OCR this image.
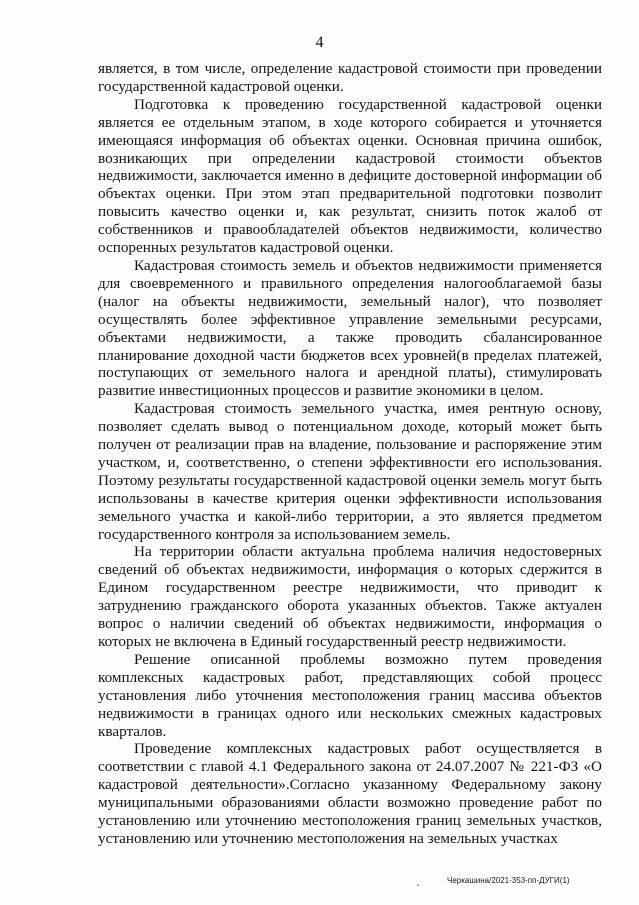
4

является, в том числе, определение кадастровой стоимости при проведении государственной кадастровой оценки.

Подготовка к проведению государственной кадастровой оценки является ее отдельным этапом, в ходе которого собирается и уточняется имеющаяся информация об объектах оценки. Основная причина ошибок, возникающих при определении кадастровой стоимости объектов недвижимости, заключается именно в дефиците достоверной информации об объектах оценки. При этом этап предварительной подготовки позволит повысить качество оценки и, как результат, снизить поток жалоб от собственников и правообладателей объектов недвижимости, количество оспоренных результатов кадастровой оценки.

Кадастровая стоимость земель и объектов недвижимости применяется для своевременного и правильного определения налогооблагаемой базы (налог на объекты недвижимости, земельный налог), что позволяет осуществлять более эффективное управление земельными ресурсами, объектами недвижимости, а также проводить сбалансированное планирование доходной части бюджетов всех уровней(в пределах платежей, поступающих от земельного налога и арендной платы), стимулировать развитие инвестиционных процессов и развитие экономики в целом.

Кадастровая стоимость земельного участка, имея рентную основу, позволяет сделать вывод о потенциальном доходе, который может быть получен от реализации прав на владение, пользование и распоряжение этим участком, и, соответственно, о степени эффективности его использования. Поэтому результаты государственной кадастровой оценки земель могут быть использованы в качестве критерия оценки эффективности использования земельного участка и какой-либо территории, а это является предметом государственного контроля за использованием земель.

На территории области актуальна проблема наличия недостоверных сведений об объектах недвижимости, информация о которых сдержится в Едином государственном реестре недвижимости, что приводит к затруднению гражданского оборота указанных объектов. Также актуален вопрос о наличии сведений об объектах недвижимости, информация о которых не включена в Единый государственный реестр недвижимости.

Решение описанной проблемы возможно путем проведения комплексных кадастровых работ, представляющих собой процесс установления либо уточнения местоположения границ массива объектов недвижимости в границах одного или нескольких смежных кадастровых кварталов.

Проведение комплексных кадастровых работ осуществляется в соответствии с главой 4.1 Федерального закона от 24.07.2007 № 221-ФЗ «О кадастровой деятельности».Согласно указанному Федеральному закону муниципальными образованиями области возможно проведение работ по установлению или уточнению местоположения границ земельных участков, установлению или уточнению местоположения на земельных участках

Черкашина/2021-353-пп-ДУГИ(1)
